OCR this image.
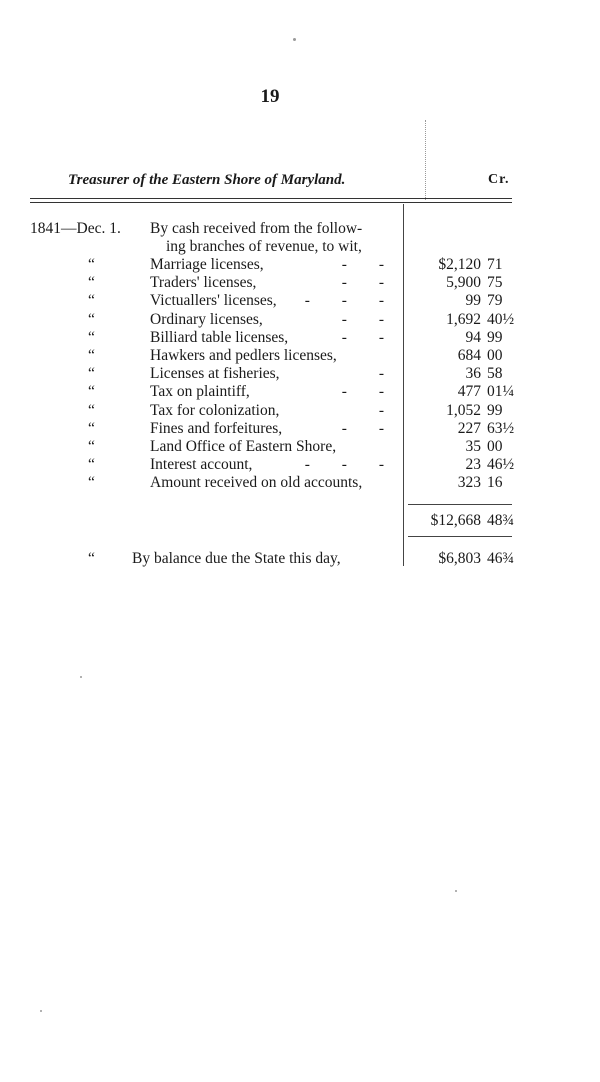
19
Treasurer of the Eastern Shore of Maryland.	Cr.
1841—Dec. 1. By cash received from the follow-
ing branches of revenue, to wit,
“	Marriage licenses,	- -	$2,120 71
“	Traders' licenses,	- -	5,900 75
“	Victuallers' licenses, - - -	99 79
“	Ordinary licenses,	- -	1,692 40½
“	Billiard table licenses,	- -	94 99
“	Hawkers and pedlers licenses,	684 00
“	Licenses at fisheries,	-	36 58
“	Tax on plaintiff,	- -	477 01¼
“	Tax for colonization,	-	1,052 99
“	Fines and forfeitures,	- -	227 63½
“	Land Office of Eastern Shore,	35 00
“	Interest account,	- - -	23 46½
“	Amount received on old accounts,	323 16
$12,668 48¾
“ By balance due the State this day,	$6,803 46¾
